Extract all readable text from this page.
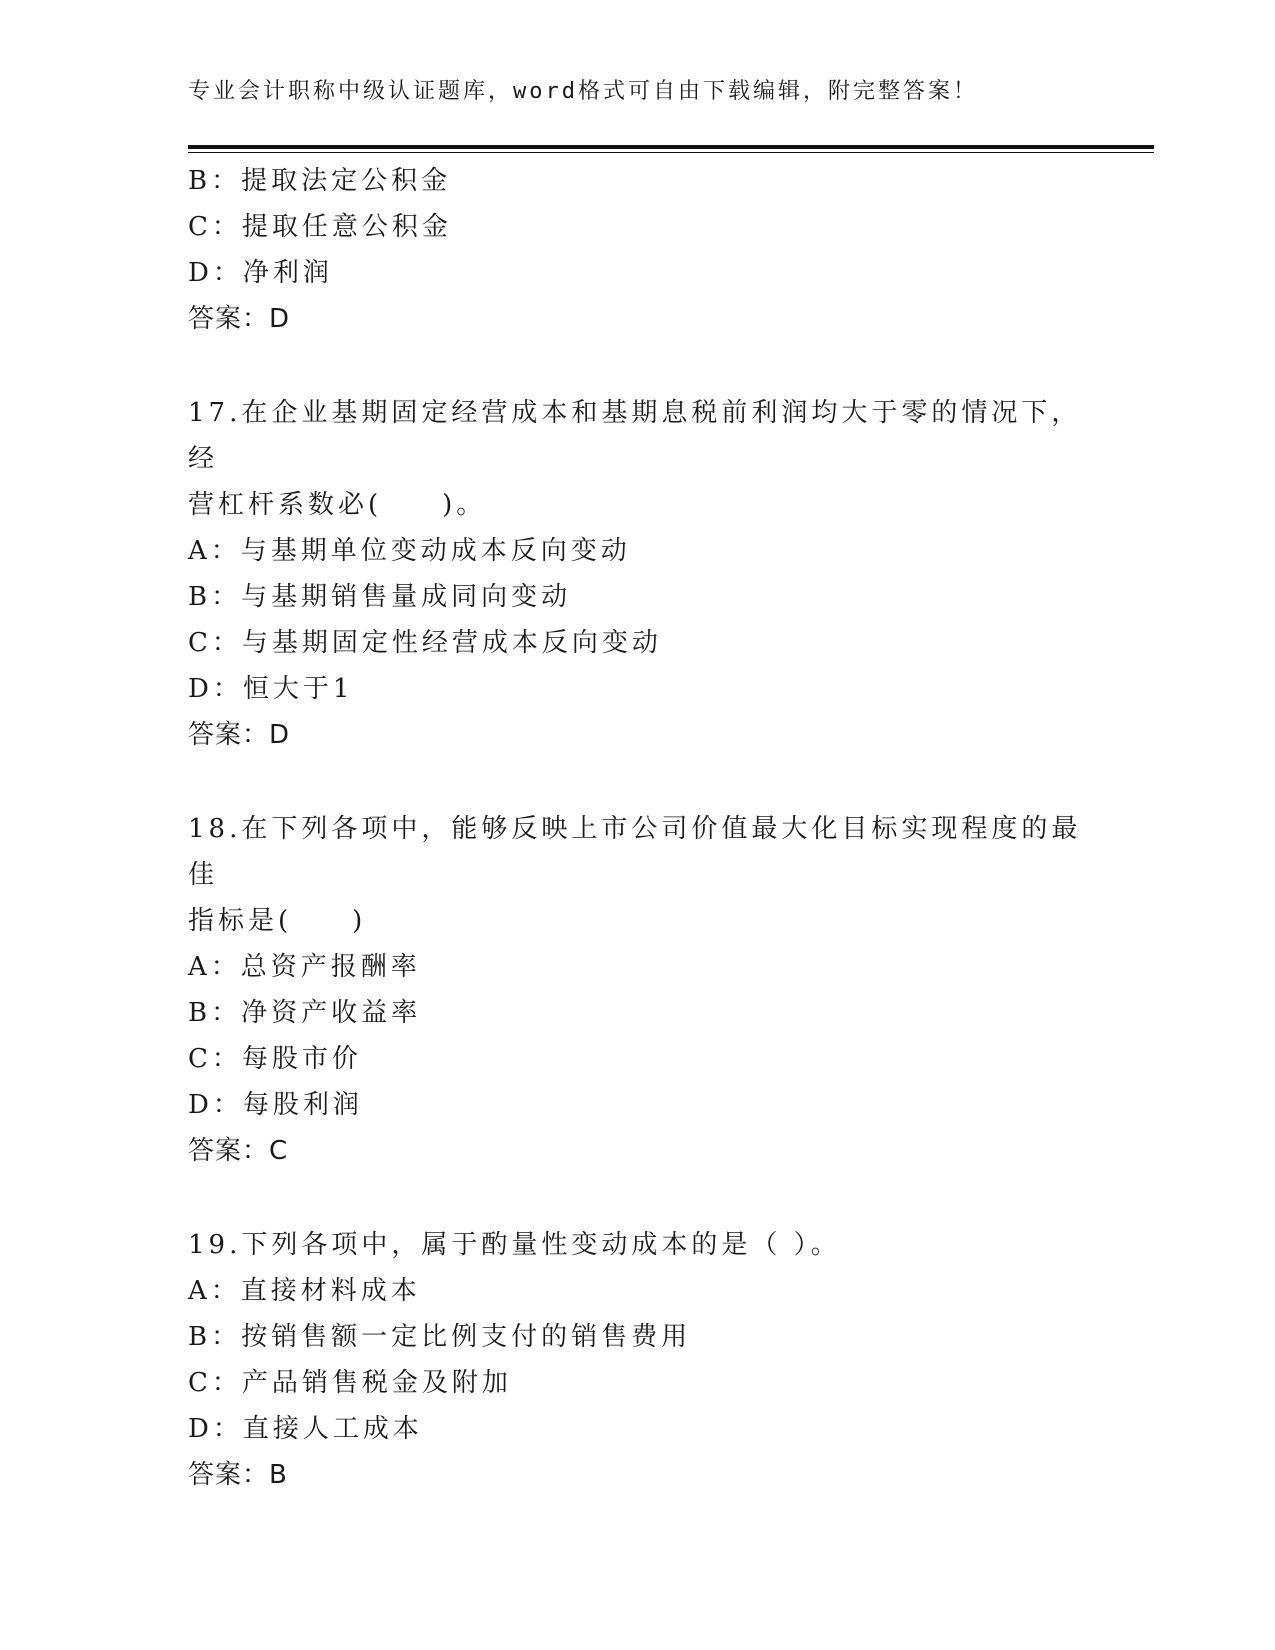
专业会计职称中级认证题库，word格式可自由下载编辑，附完整答案！
B：提取法定公积金
C：提取任意公积金
D：净利润
答案：D
17.在企业基期固定经营成本和基期息税前利润均大于零的情况下，经
营杠杆系数必(　　)。
A：与基期单位变动成本反向变动
B：与基期销售量成同向变动
C：与基期固定性经营成本反向变动
D：恒大于1
答案：D
18.在下列各项中，能够反映上市公司价值最大化目标实现程度的最佳
指标是(　　)
A：总资产报酬率
B：净资产收益率
C：每股市价
D：每股利润
答案：C
19.下列各项中，属于酌量性变动成本的是（ ）。
A：直接材料成本
B：按销售额一定比例支付的销售费用
C：产品销售税金及附加
D：直接人工成本
答案：B
